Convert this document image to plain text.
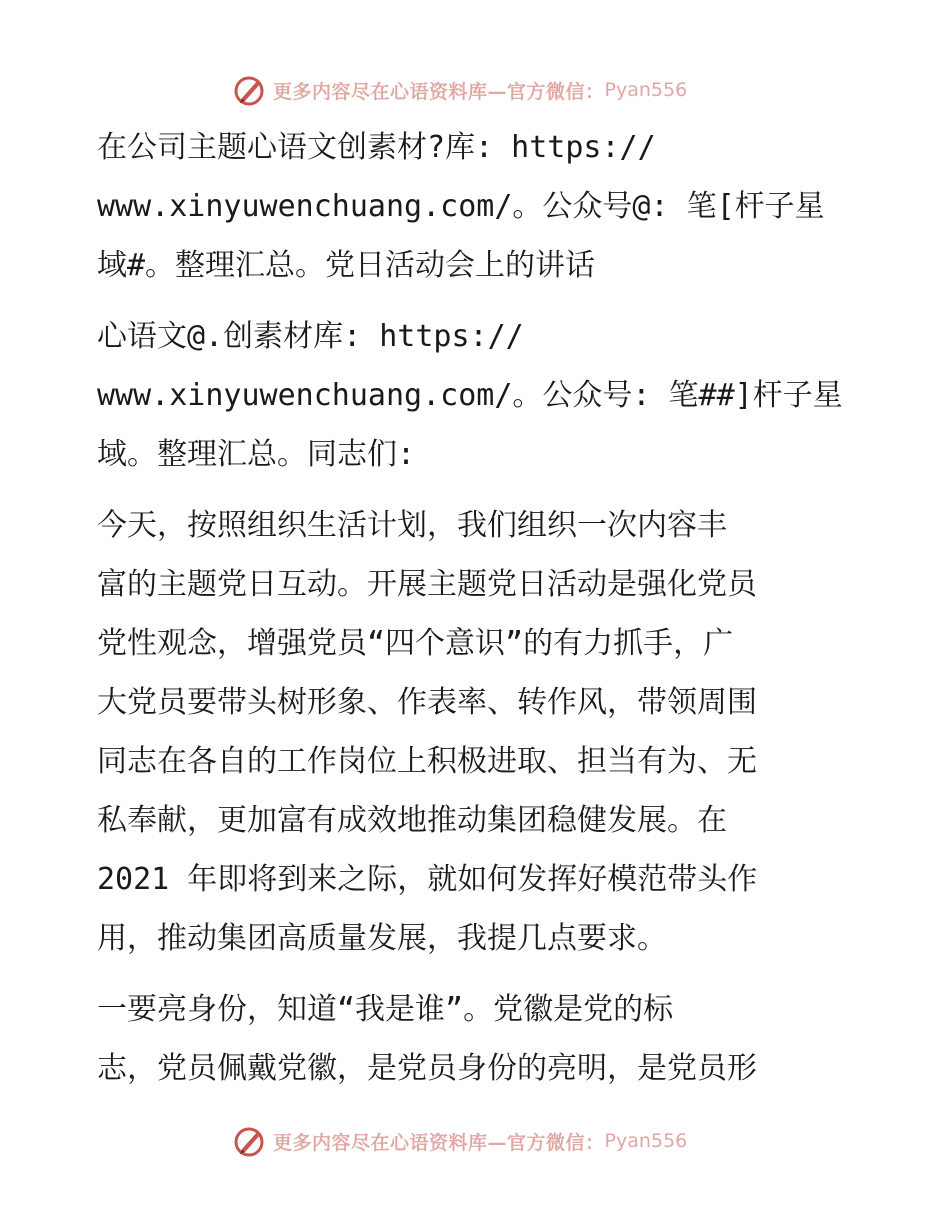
更多内容尽在心语资料库—官方微信： Pyan556
在公司主题心语文创素材?库: https://
www.xinyuwenchuang.com/。公众号@: 笔[杆子星
域#。整理汇总。党日活动会上的讲话
心语文@.创素材库: https://
www.xinyuwenchuang.com/。公众号: 笔##]杆子星
域。整理汇总。同志们:
今天，按照组织生活计划，我们组织一次内容丰
富的主题党日互动。开展主题党日活动是强化党员
党性观念，增强党员“四个意识”的有力抓手，广
大党员要带头树形象、作表率、转作风，带领周围
同志在各自的工作岗位上积极进取、担当有为、无
私奉献，更加富有成效地推动集团稳健发展。在
2021 年即将到来之际，就如何发挥好模范带头作
用，推动集团高质量发展，我提几点要求。
一要亮身份，知道“我是谁”。党徽是党的标
志，党员佩戴党徽，是党员身份的亮明，是党员形
更多内容尽在心语资料库—官方微信： Pyan556
